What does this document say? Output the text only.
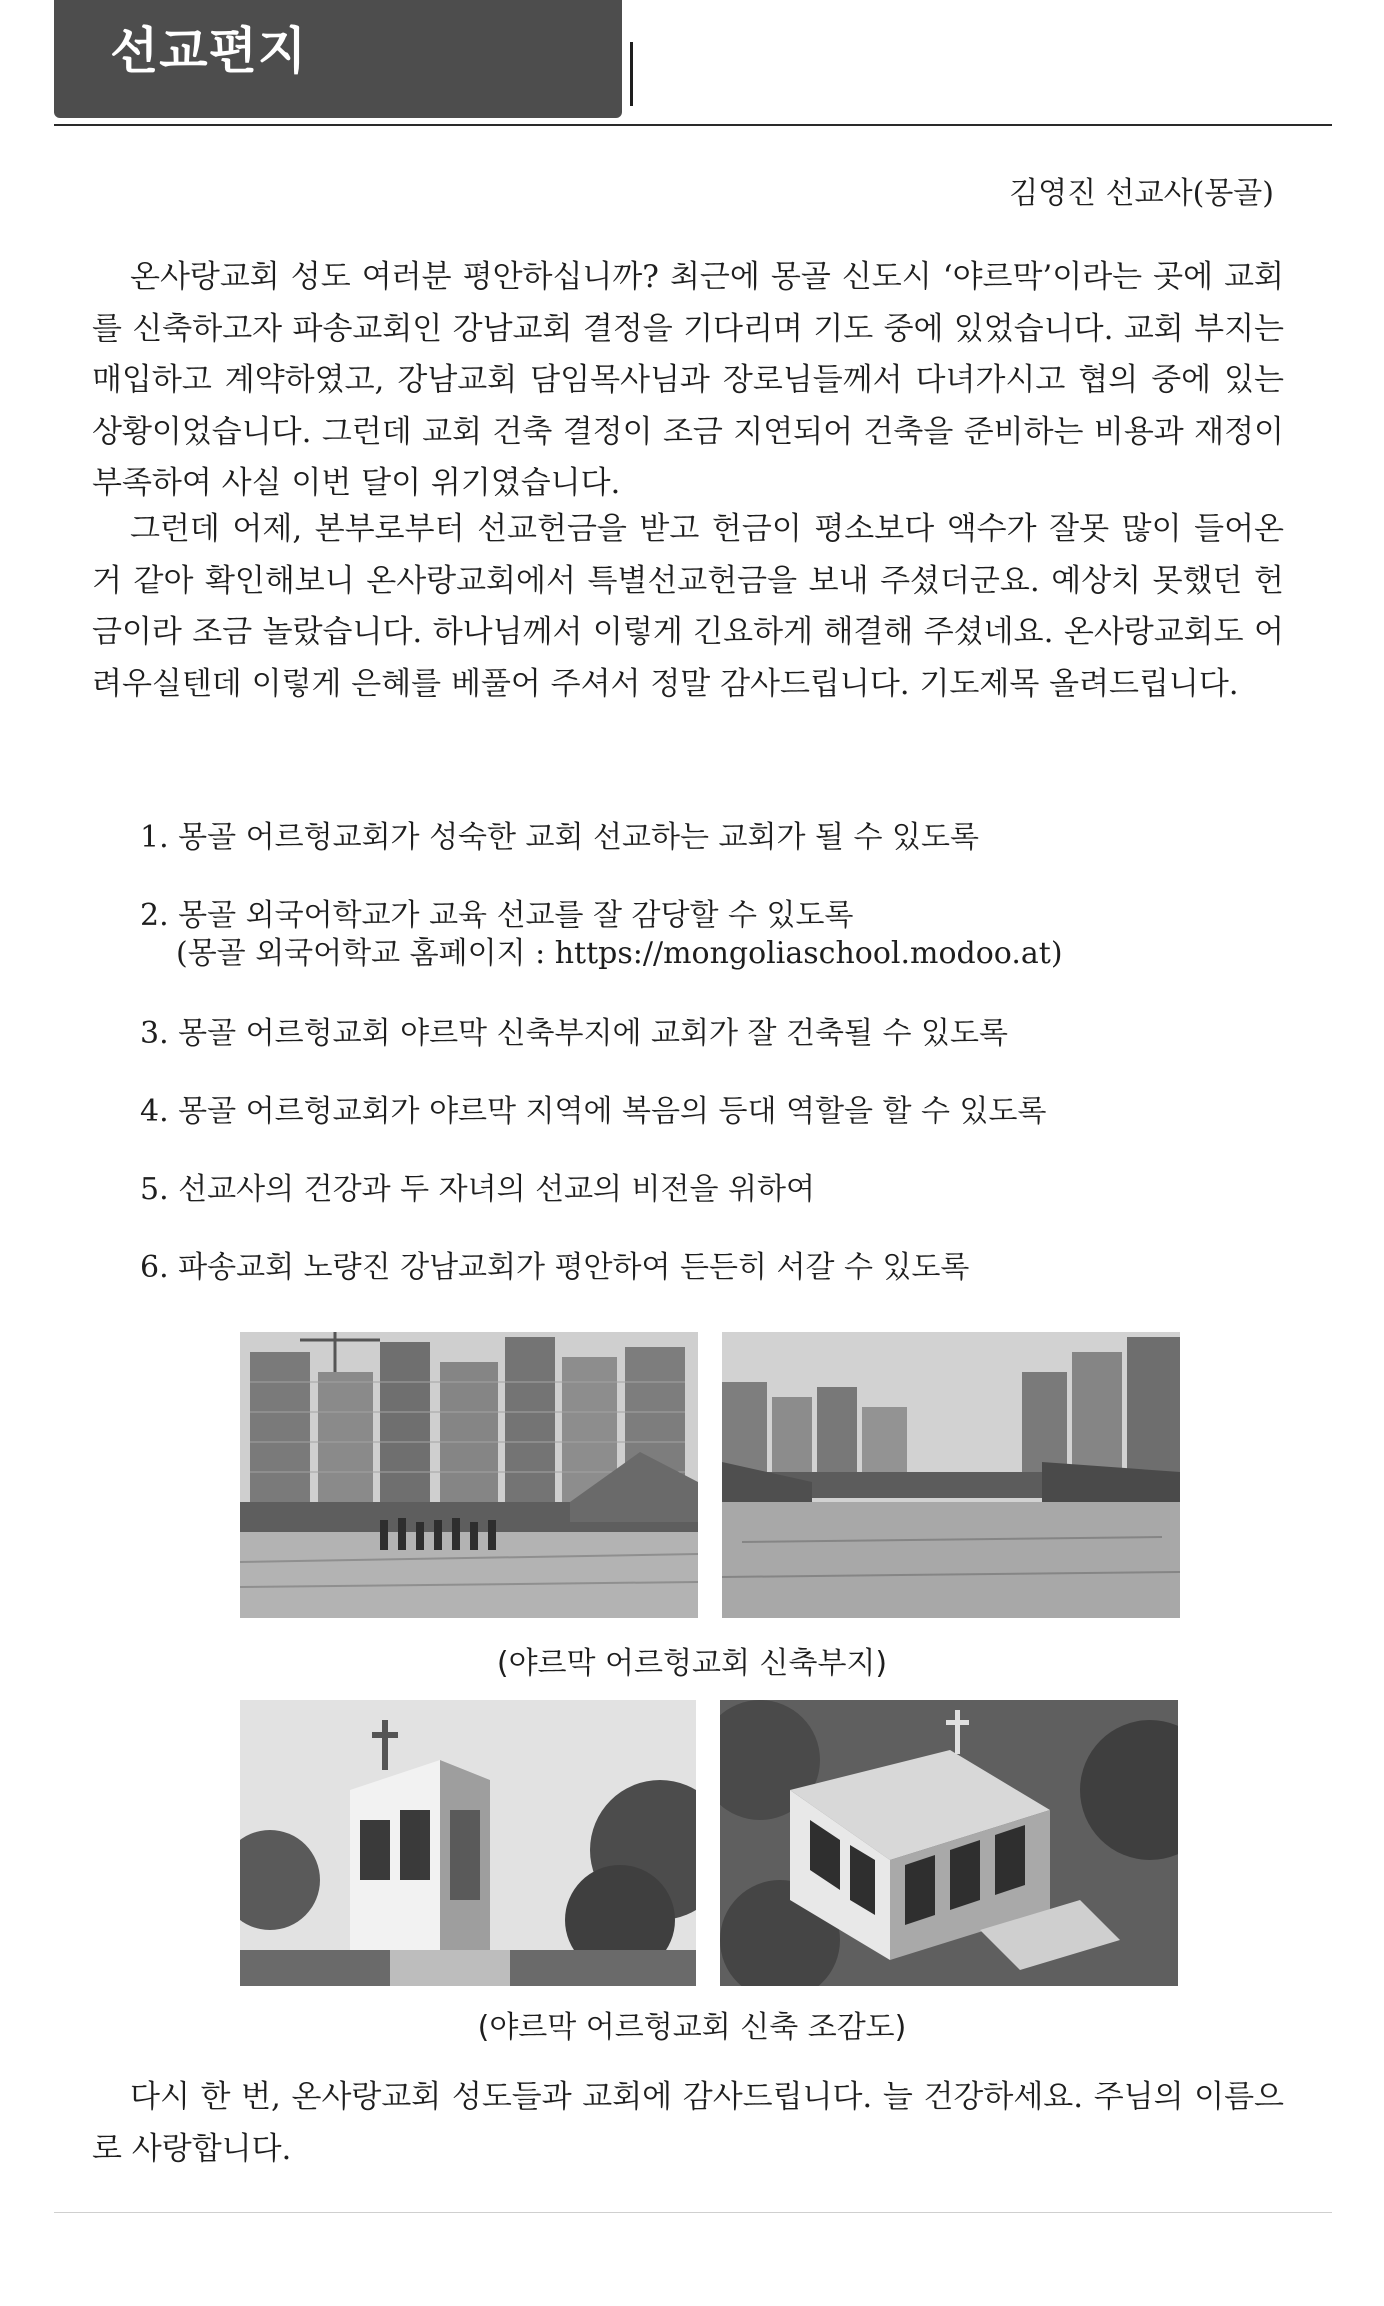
선교편지
김영진 선교사(몽골)

온사랑교회 성도 여러분 평안하십니까? 최근에 몽골 신도시 ‘야르막’이라는 곳에 교회를 신축하고자 파송교회인 강남교회 결정을 기다리며 기도 중에 있었습니다. 교회 부지는 매입하고 계약하였고, 강남교회 담임목사님과 장로님들께서 다녀가시고 협의 중에 있는 상황이었습니다. 그런데 교회 건축 결정이 조금 지연되어 건축을 준비하는 비용과 재정이 부족하여 사실 이번 달이 위기였습니다.

그런데 어제, 본부로부터 선교헌금을 받고 헌금이 평소보다 액수가 잘못 많이 들어온거 같아 확인해보니 온사랑교회에서 특별선교헌금을 보내 주셨더군요. 예상치 못했던 헌금이라 조금 놀랐습니다. 하나님께서 이렇게 긴요하게 해결해 주셨네요. 온사랑교회도 어려우실텐데 이렇게 은혜를 베풀어 주셔서 정말 감사드립니다. 기도제목 올려드립니다.

1. 몽골 어르헝교회가 성숙한 교회 선교하는 교회가 될 수 있도록
2. 몽골 외국어학교가 교육 선교를 잘 감당할 수 있도록
(몽골 외국어학교 홈페이지 : https://mongoliaschool.modoo.at)
3. 몽골 어르헝교회 야르막 신축부지에 교회가 잘 건축될 수 있도록
4. 몽골 어르헝교회가 야르막 지역에 복음의 등대 역할을 할 수 있도록
5. 선교사의 건강과 두 자녀의 선교의 비전을 위하여
6. 파송교회 노량진 강남교회가 평안하여 든든히 서갈 수 있도록
(야르막 어르헝교회 신축부지)
(야르막 어르헝교회 신축 조감도)

다시 한 번, 온사랑교회 성도들과 교회에 감사드립니다. 늘 건강하세요. 주님의 이름으로 사랑합니다.
